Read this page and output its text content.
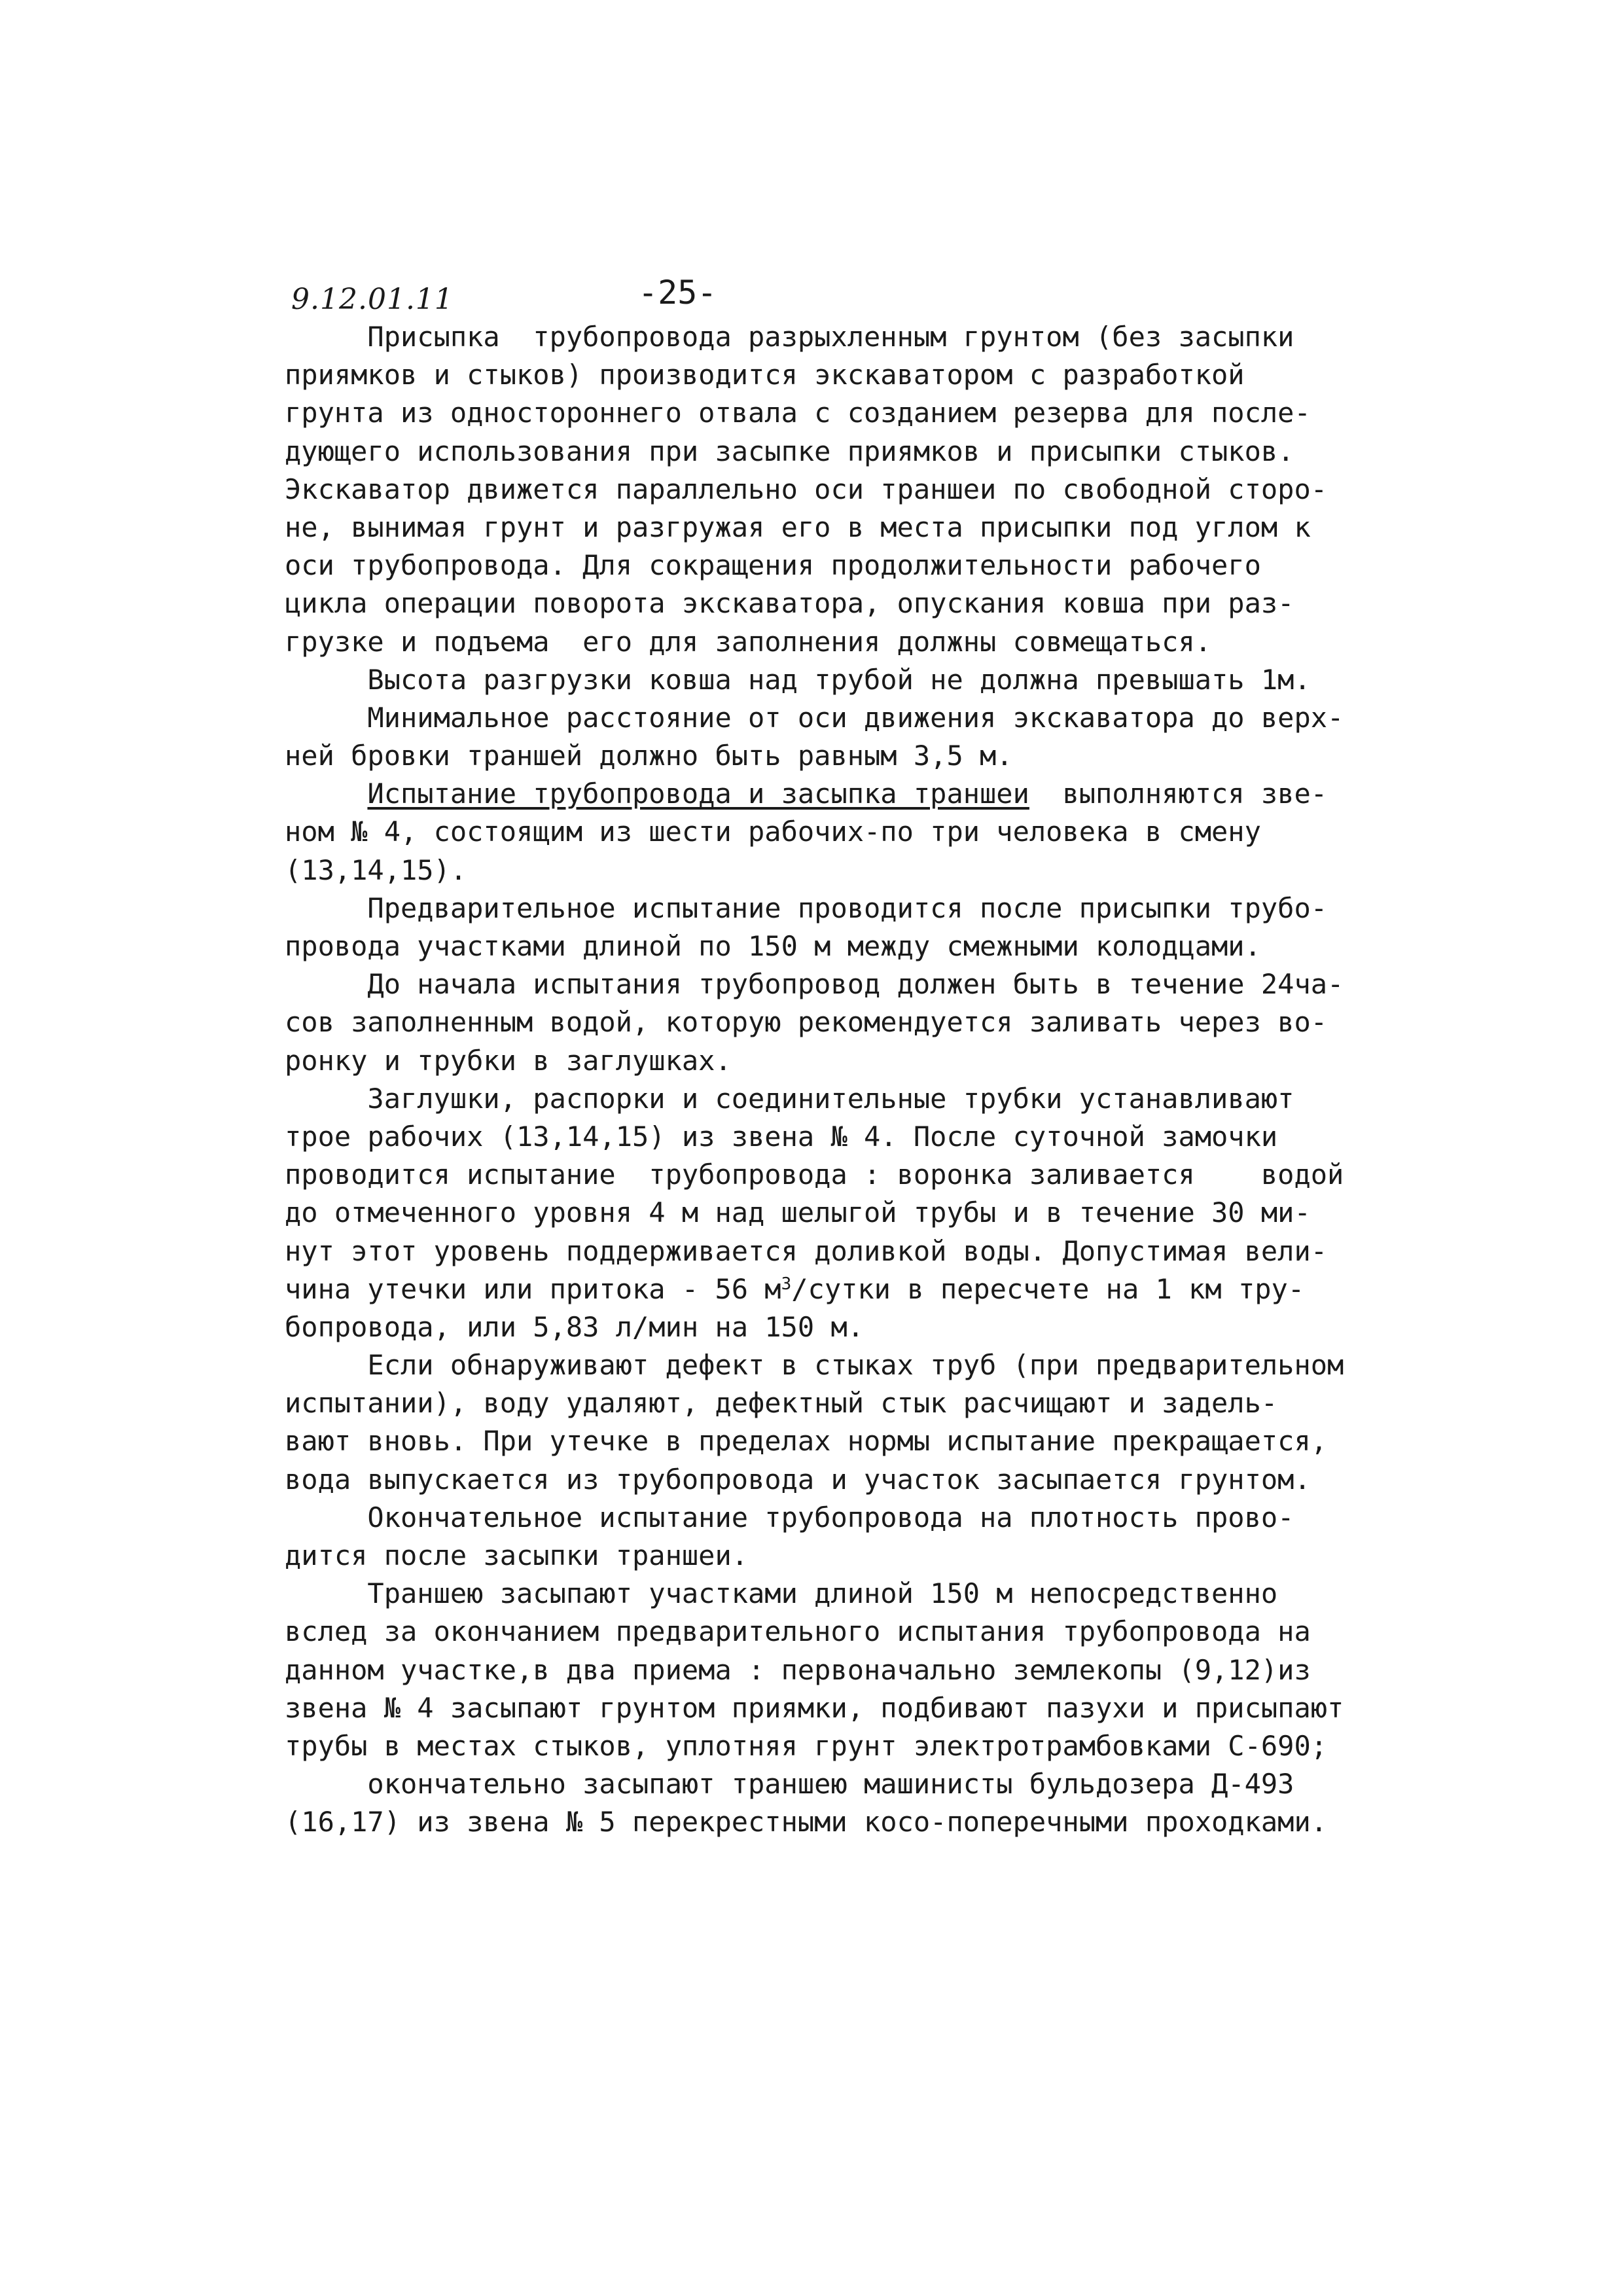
9.12.01.11	-25-
Присыпка  трубопровода разрыхленным грунтом (без засыпки
приямков и стыков) производится экскаватором с разработкой
грунта из одностороннего отвала с созданием резерва для после-
дующего использования при засыпке приямков и присыпки стыков.
Экскаватор движется параллельно оси траншеи по свободной сторо-
не, вынимая грунт и разгружая его в места присыпки под углом к
оси трубопровода. Для сокращения продолжительности рабочего
цикла операции поворота экскаватора, опускания ковша при раз-
грузке и подъема  его для заполнения должны совмещаться.
Высота разгрузки ковша над трубой не должна превышать 1м.
Минимальное расстояние от оси движения экскаватора до верх-
ней бровки траншей должно быть равным 3,5 м.
Испытание трубопровода и засыпка траншеи  выполняются зве-
ном № 4, состоящим из шести рабочих-по три человека в смену
(13,14,15).
Предварительное испытание проводится после присыпки трубо-
провода участками длиной по 150 м между смежными колодцами.
До начала испытания трубопровод должен быть в течение 24ча-
сов заполненным водой, которую рекомендуется заливать через во-
ронку и трубки в заглушках.
Заглушки, распорки и соединительные трубки устанавливают
трое рабочих (13,14,15) из звена № 4. После суточной замочки
проводится испытание  трубопровода : воронка заливается    водой
до отмеченного уровня 4 м над шелыгой трубы и в течение 30 ми-
нут этот уровень поддерживается доливкой воды. Допустимая вели-
чина утечки или притока - 56 $м^3$/сутки в пересчете на 1 км тру-
бопровода, или 5,83 л/мин на 150 м.
Если обнаруживают дефект в стыках труб (при предварительном
испытании), воду удаляют, дефектный стык расчищают и задель-
вают вновь. При утечке в пределах нормы испытание прекращается,
вода выпускается из трубопровода и участок засыпается грунтом.
Окончательное испытание трубопровода на плотность прово-
дится после засыпки траншеи.
Траншею засыпают участками длиной 150 м непосредственно
вслед за окончанием предварительного испытания трубопровода на
данном участке,в два приема : первоначально землекопы (9,12)из
звена № 4 засыпают грунтом приямки, подбивают пазухи и присыпают
трубы в местах стыков, уплотняя грунт электротрамбовками С-690;
окончательно засыпают траншею машинисты бульдозера Д-493
(16,17) из звена № 5 перекрестными косо-поперечными проходками.
